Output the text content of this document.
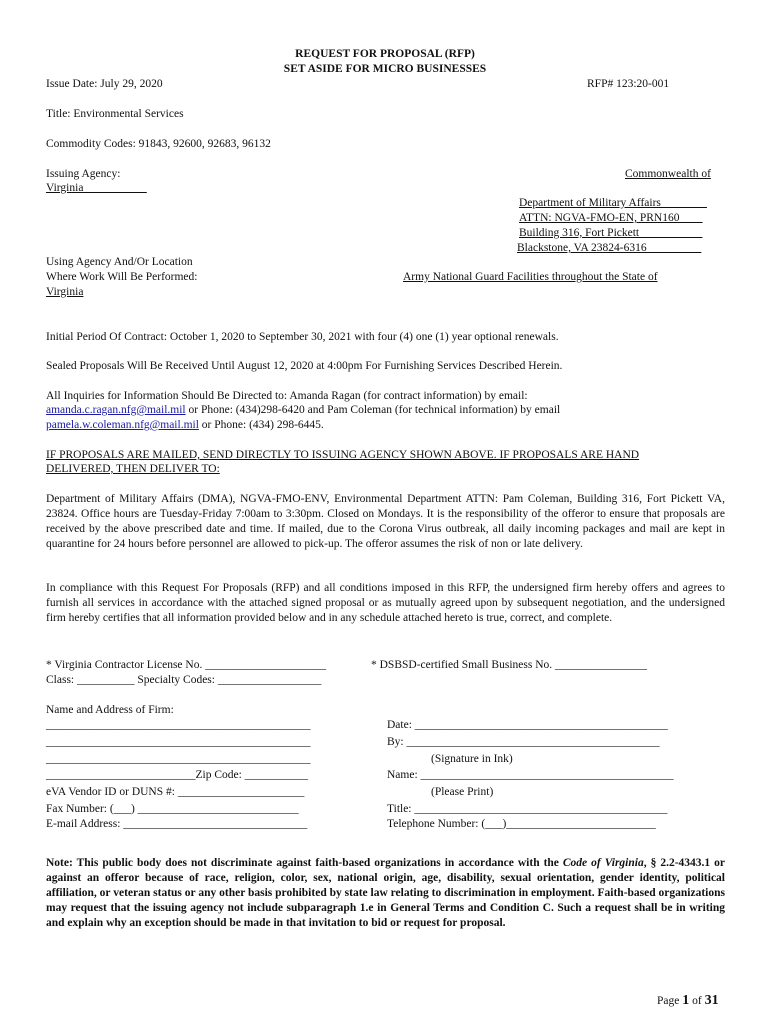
REQUEST FOR PROPOSAL (RFP)
SET ASIDE FOR MICRO BUSINESSES
Issue Date: July 29, 2020	RFP# 123:20-001
Title: Environmental Services
Commodity Codes: 91843, 92600, 92683, 96132
Issuing Agency:	Commonwealth of
Virginia___________
Department of Military Affairs________
ATTN: NGVA-FMO-EN, PRN160____
Building 316, Fort Pickett___________
Blackstone, VA 23824-6316 _________
Using Agency And/Or Location
Where Work Will Be Performed:	Army National Guard Facilities throughout the State of
Virginia
Initial Period Of Contract: October 1, 2020 to September 30, 2021 with four (4) one (1) year optional renewals.
Sealed Proposals Will Be Received Until August 12, 2020 at 4:00pm For Furnishing Services Described Herein.
All Inquiries for Information Should Be Directed to: Amanda Ragan (for contract information) by email:
amanda.c.ragan.nfg@mail.mil or Phone: (434)298-6420 and Pam Coleman (for technical information) by email
pamela.w.coleman.nfg@mail.mil or Phone: (434) 298-6445.
IF PROPOSALS ARE MAILED, SEND DIRECTLY TO ISSUING AGENCY SHOWN ABOVE. IF PROPOSALS ARE HAND
DELIVERED, THEN DELIVER TO:
Department of Military Affairs (DMA), NGVA-FMO-ENV, Environmental Department ATTN: Pam Coleman, Building 316, Fort Pickett VA, 23824. Office hours are Tuesday-Friday 7:00am to 3:30pm. Closed on Mondays. It is the responsibility of the offeror to ensure that proposals are received by the above prescribed date and time. If mailed, due to the Corona Virus outbreak, all daily incoming packages and mail are kept in quarantine for 24 hours before personnel are allowed to pick-up. The offeror assumes the risk of non or late delivery.
In compliance with this Request For Proposals (RFP) and all conditions imposed in this RFP, the undersigned firm hereby offers and agrees to furnish all services in accordance with the attached signed proposal or as mutually agreed upon by subsequent negotiation, and the undersigned firm hereby certifies that all information provided below and in any schedule attached hereto is true, correct, and complete.
* Virginia Contractor License No. _____________________	* DSBSD-certified Small Business No. ________________
Class: __________ Specialty Codes: __________________
Name and Address of Firm:
______________________________________________
______________________________________________
______________________________________________
__________________________Zip Code: ___________
eVA Vendor ID or DUNS #: ______________________
Fax Number: (___) ____________________________
E-mail Address: ________________________________
Date: ____________________________________________
By: ____________________________________________
(Signature in Ink)
Name: ____________________________________________
(Please Print)
Title: ____________________________________________
Telephone Number: (___)__________________________
Note: This public body does not discriminate against faith-based organizations in accordance with the Code of Virginia, § 2.2-4343.1 or against an offeror because of race, religion, color, sex, national origin, age, disability, sexual orientation, gender identity, political affiliation, or veteran status or any other basis prohibited by state law relating to discrimination in employment. Faith-based organizations may request that the issuing agency not include subparagraph 1.e in General Terms and Condition C. Such a request shall be in writing and explain why an exception should be made in that invitation to bid or request for proposal.
Page 1 of 31
